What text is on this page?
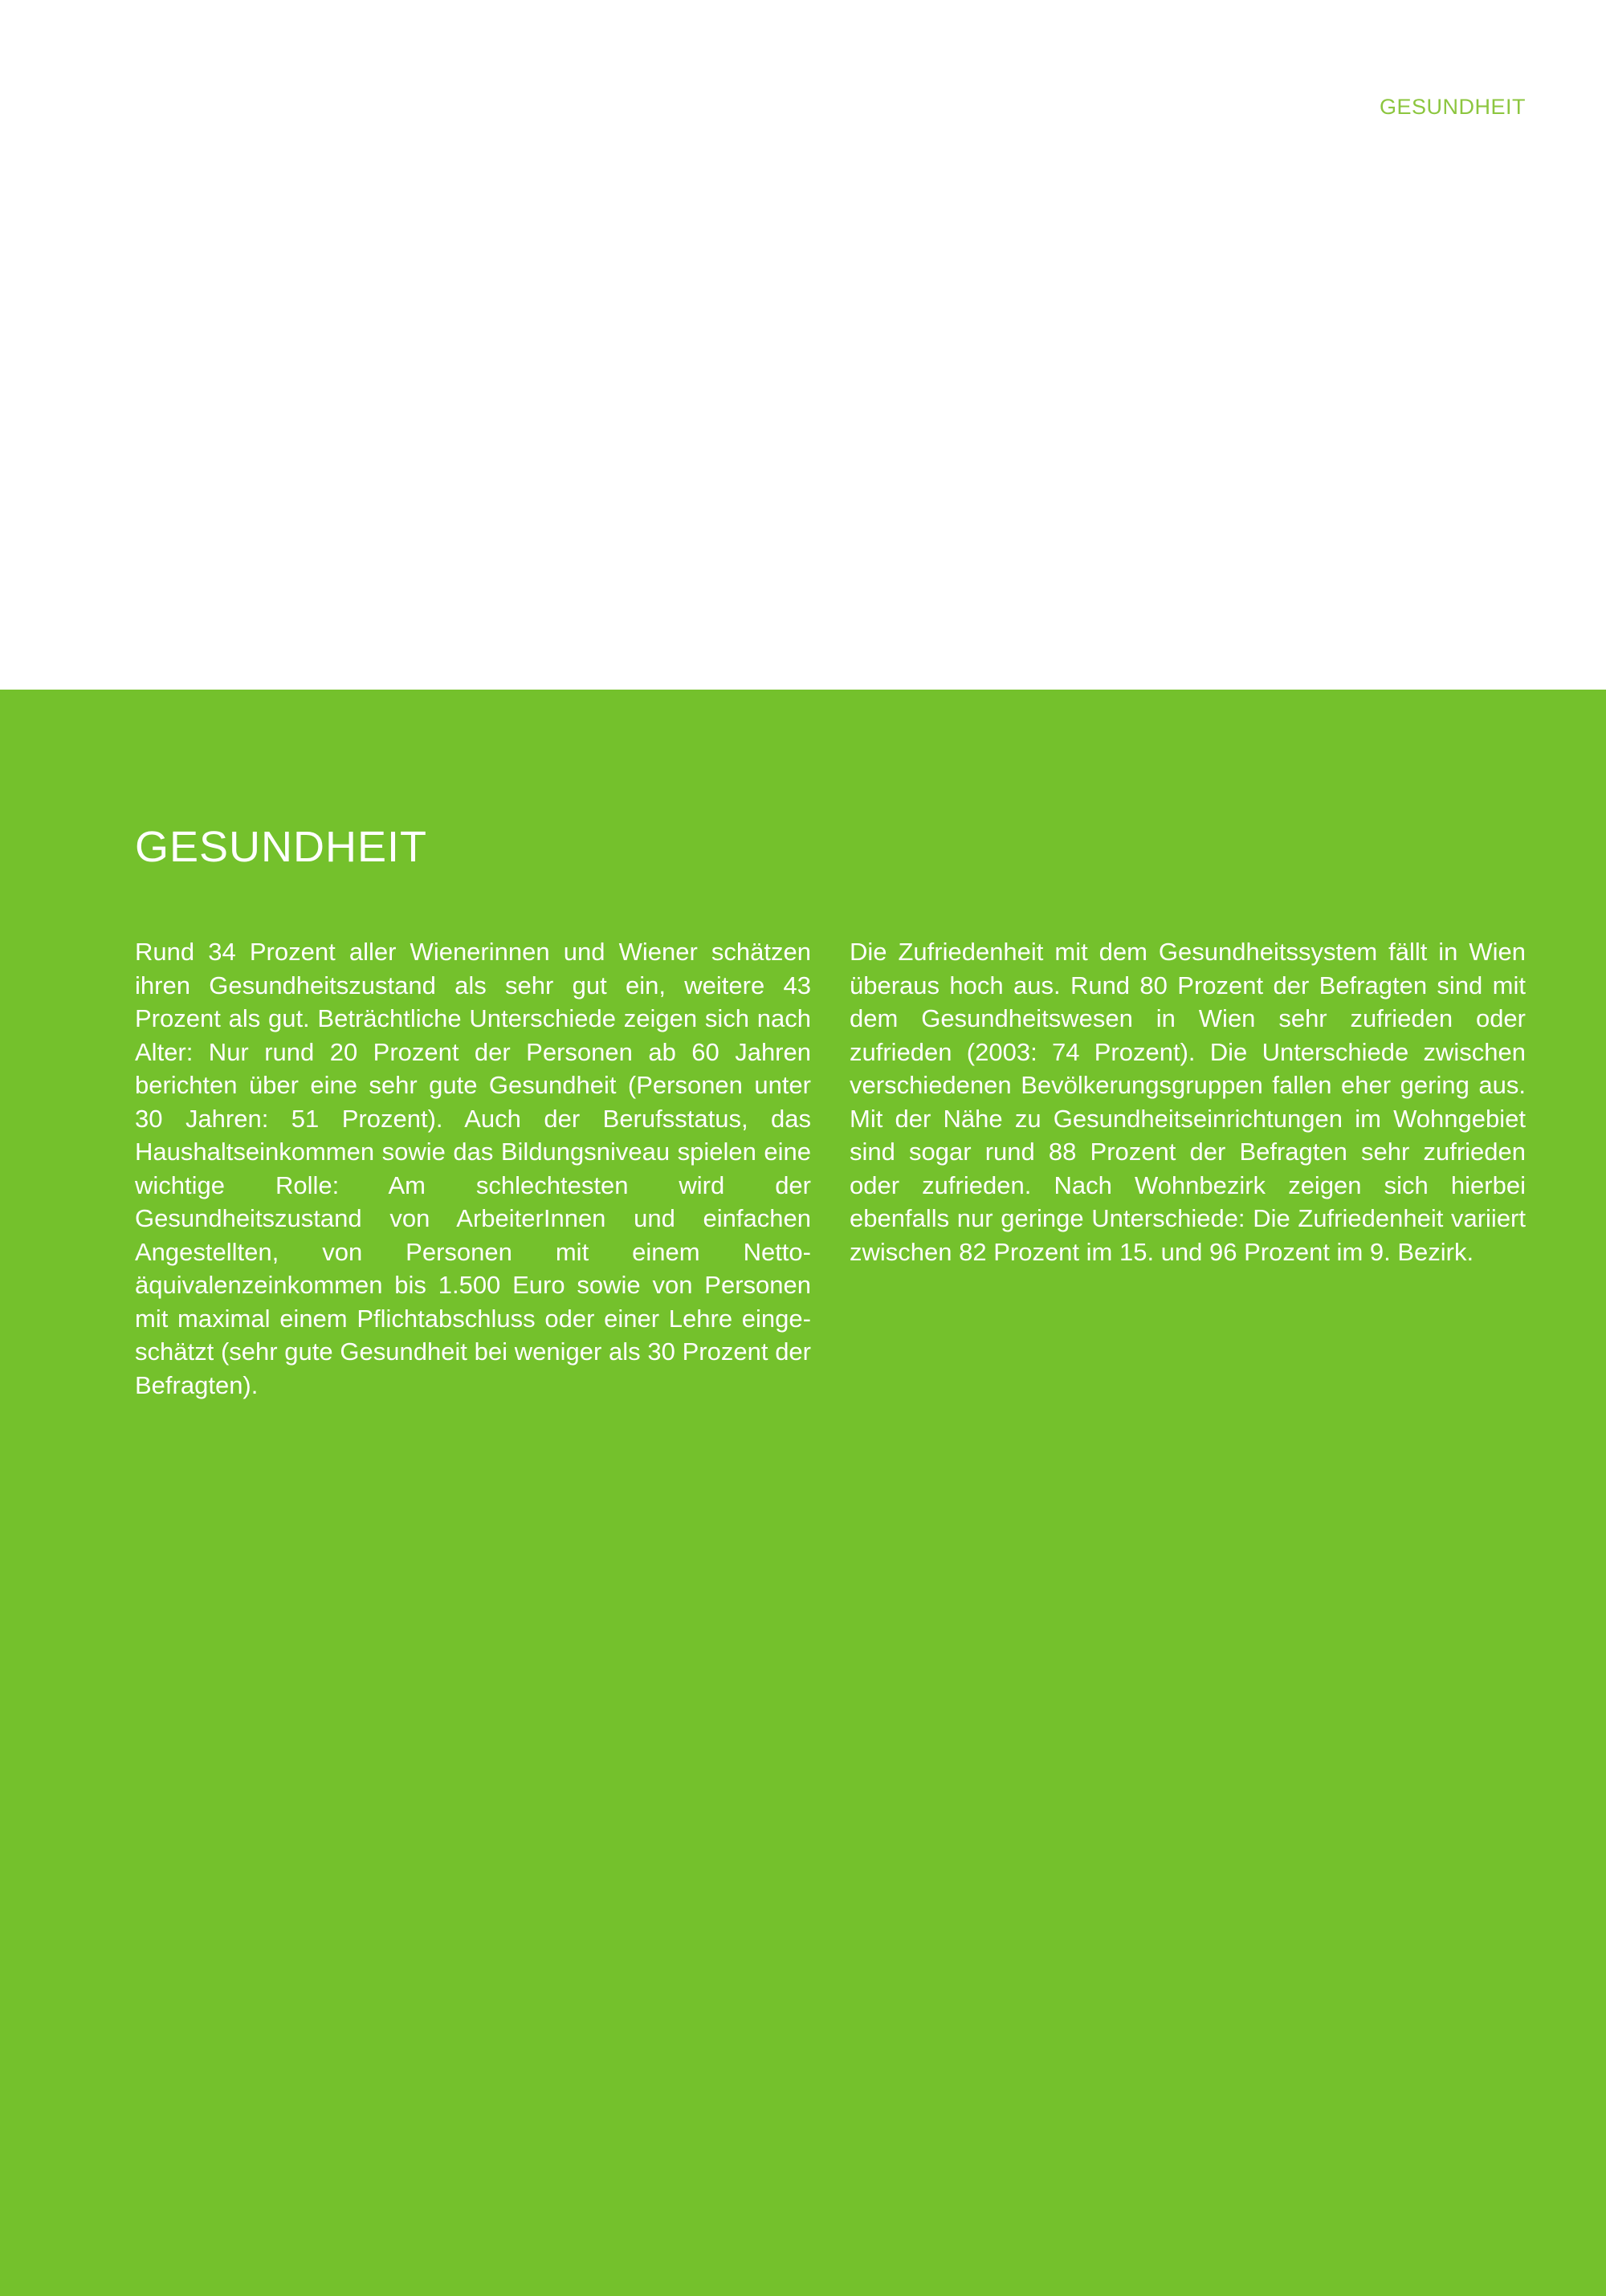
GESUNDHEIT
GESUNDHEIT

Rund 34 Prozent aller Wienerinnen und Wiener schätzen ihren Gesundheitszustand als sehr gut ein, weitere 43 Prozent als gut. Beträchtliche Unterschiede zeigen sich nach Alter: Nur rund 20 Prozent der Personen ab 60 Jahren berichten über eine sehr gute Gesundheit (Personen unter 30 Jahren: 51 Prozent). Auch der Berufsstatus, das Haushaltseinkommen sowie das Bildungsniveau spielen eine wichtige Rolle: Am schlechtesten wird der Gesundheitszustand von ArbeiterInnen und einfachen Angestellten, von Personen mit einem Nettoäquivalenzeinkommen bis 1.500 Euro sowie von Personen mit maximal einem Pflichtabschluss oder einer Lehre eingeschätzt (sehr gute Gesundheit bei weniger als 30 Prozent der Befragten).

Die Zufriedenheit mit dem Gesundheitssystem fällt in Wien überaus hoch aus. Rund 80 Prozent der Befragten sind mit dem Gesundheitswesen in Wien sehr zufrieden oder zufrieden (2003: 74 Prozent). Die Unterschiede zwischen verschiedenen Bevölkerungsgruppen fallen eher gering aus. Mit der Nähe zu Gesundheitseinrichtungen im Wohngebiet sind sogar rund 88 Prozent der Befragten sehr zufrieden oder zufrieden. Nach Wohnbezirk zeigen sich hierbei ebenfalls nur geringe Unterschiede: Die Zufriedenheit variiert zwischen 82 Prozent im 15. und 96 Prozent im 9. Bezirk.
